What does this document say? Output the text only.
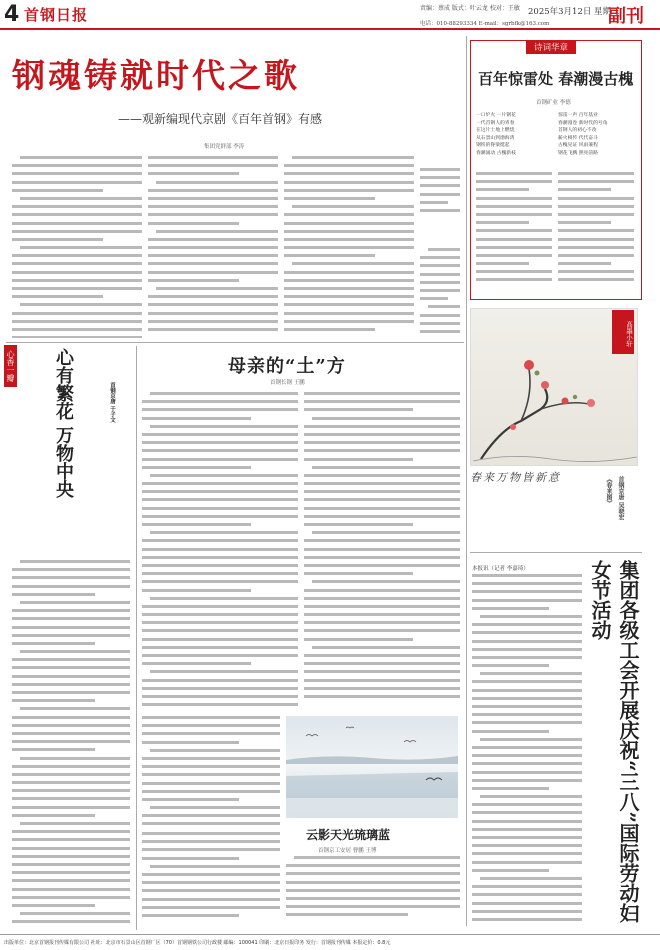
4 首钢日报	责编：蔡成 版式：叶云龙 校对：王敏 2025年3月12日 星期三
副刊
电话：010-88293334 E-mail：sgrbfk@163.com
钢魂铸就时代之歌
——观新编现代京剧《百年首钢》有感
集团党群部 李涛
诗词华章
百年惊雷处 春潮漫古槐
首钢矿业 李德
一口炉火 一片钢花
一代首钢人的青春
在这片土地上燃烧
从石景山到渤海湾
钢铁的脊梁挺起
春潮涌动 古槐新枝
惊雷一声 百年基业
春潮漫卷 新时代的号角
首钢人的初心不改
薪火相传 代代奋斗
古槐见证 风雨兼程
钢花飞溅 照亮前路
心香一瓣	心有繁花 万物中央	首钢京唐 于子文
母亲的“土”方
首钢长钢 王鹏
云影天光琉璃蓝
首钢京工安居 曹鹏 王博
高墨小轩
春来万物皆新意	《春来图》 首钢京唐 吴晓宏
集团各级工会开展庆祝“三八”国际劳动妇女节活动
本报讯（记者 李嘉琦）
出版单位：北京首钢报刊传媒有限公司 社址：北京市石景山区首钢厂区（70）首钢钢铁公司行政楼 邮编：100041 印刷：北京日报印务 发行：首钢报刊传媒 本报定价：0.8元
